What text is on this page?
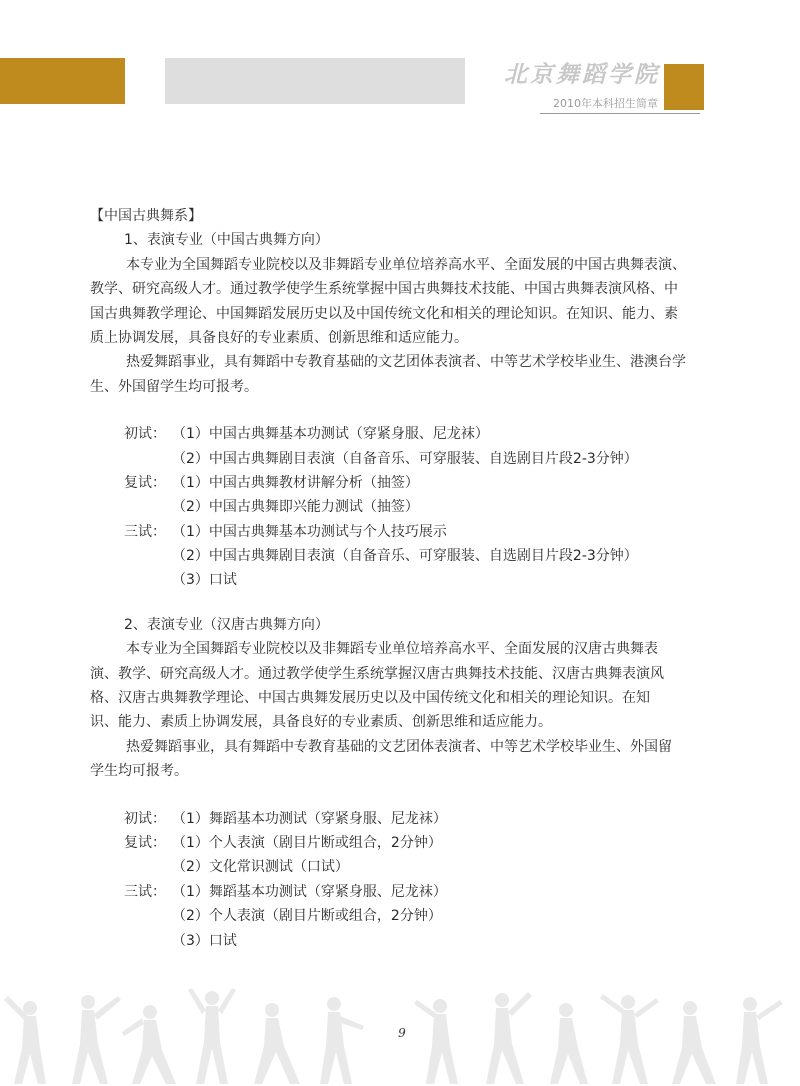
北京舞蹈学院
2010年本科招生简章
【中国古典舞系】
1、表演专业（中国古典舞方向）
本专业为全国舞蹈专业院校以及非舞蹈专业单位培养高水平、全面发展的中国古典舞表演、
教学、研究高级人才。通过教学使学生系统掌握中国古典舞技术技能、中国古典舞表演风格、中
国古典舞教学理论、中国舞蹈发展历史以及中国传统文化和相关的理论知识。在知识、能力、素
质上协调发展，具备良好的专业素质、创新思维和适应能力。
热爱舞蹈事业，具有舞蹈中专教育基础的文艺团体表演者、中等艺术学校毕业生、港澳台学
生、外国留学生均可报考。
初试： （1）中国古典舞基本功测试（穿紧身服、尼龙袜）
（2）中国古典舞剧目表演（自备音乐、可穿服装、自选剧目片段2-3分钟）
复试： （1）中国古典舞教材讲解分析（抽签）
（2）中国古典舞即兴能力测试（抽签）
三试： （1）中国古典舞基本功测试与个人技巧展示
（2）中国古典舞剧目表演（自备音乐、可穿服装、自选剧目片段2-3分钟）
（3）口试
2、表演专业（汉唐古典舞方向）
本专业为全国舞蹈专业院校以及非舞蹈专业单位培养高水平、全面发展的汉唐古典舞表
演、教学、研究高级人才。通过教学使学生系统掌握汉唐古典舞技术技能、汉唐古典舞表演风
格、汉唐古典舞教学理论、中国古典舞发展历史以及中国传统文化和相关的理论知识。在知
识、能力、素质上协调发展，具备良好的专业素质、创新思维和适应能力。
热爱舞蹈事业，具有舞蹈中专教育基础的文艺团体表演者、中等艺术学校毕业生、外国留
学生均可报考。
初试： （1）舞蹈基本功测试（穿紧身服、尼龙袜）
复试： （1）个人表演（剧目片断或组合，2分钟）
（2）文化常识测试（口试）
三试： （1）舞蹈基本功测试（穿紧身服、尼龙袜）
（2）个人表演（剧目片断或组合，2分钟）
（3）口试
9
